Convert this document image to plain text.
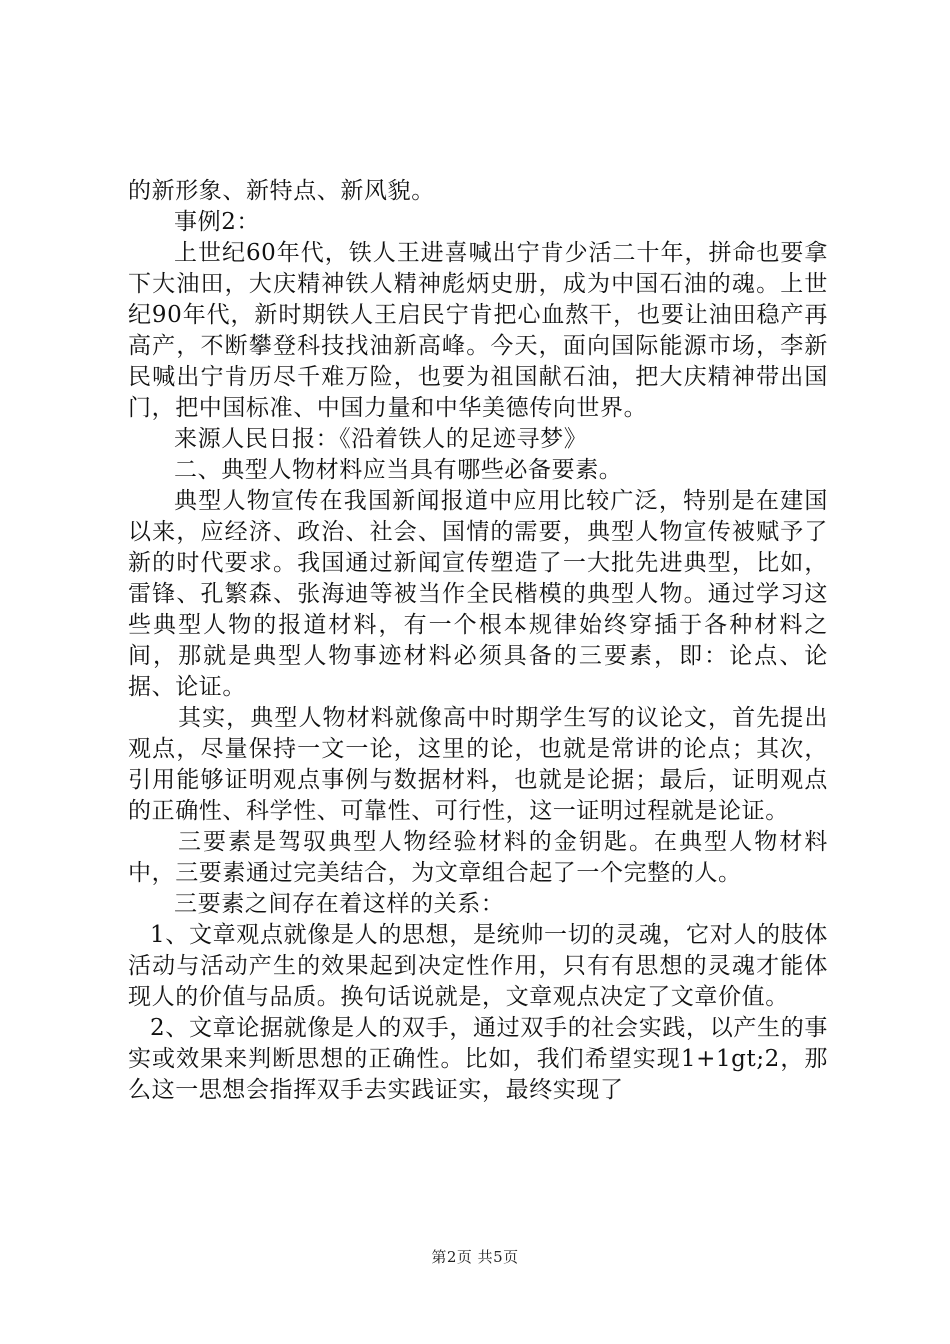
的新形象、新特点、新风貌。

事例2：

上世纪60年代，铁人王进喜喊出宁肯少活二十年，拼命也要拿下大油田，大庆精神铁人精神彪炳史册，成为中国石油的魂。上世纪90年代，新时期铁人王启民宁肯把心血熬干，也要让油田稳产再高产，不断攀登科技找油新高峰。今天，面向国际能源市场，李新民喊出宁肯历尽千难万险，也要为祖国献石油，把大庆精神带出国门，把中国标准、中国力量和中华美德传向世界。

来源人民日报：《沿着铁人的足迹寻梦》

二、典型人物材料应当具有哪些必备要素。

典型人物宣传在我国新闻报道中应用比较广泛，特别是在建国以来，应经济、政治、社会、国情的需要，典型人物宣传被赋予了新的时代要求。我国通过新闻宣传塑造了一大批先进典型，比如，雷锋、孔繁森、张海迪等被当作全民楷模的典型人物。通过学习这些典型人物的报道材料，有一个根本规律始终穿插于各种材料之间，那就是典型人物事迹材料必须具备的三要素，即：论点、论据、论证。

其实，典型人物材料就像高中时期学生写的议论文，首先提出观点，尽量保持一文一论，这里的论，也就是常讲的论点；其次，引用能够证明观点事例与数据材料，也就是论据；最后，证明观点的正确性、科学性、可靠性、可行性，这一证明过程就是论证。

三要素是驾驭典型人物经验材料的金钥匙。在典型人物材料中，三要素通过完美结合，为文章组合起了一个完整的人。

三要素之间存在着这样的关系：

1、文章观点就像是人的思想，是统帅一切的灵魂，它对人的肢体活动与活动产生的效果起到决定性作用，只有有思想的灵魂才能体现人的价值与品质。换句话说就是，文章观点决定了文章价值。

2、文章论据就像是人的双手，通过双手的社会实践，以产生的事实或效果来判断思想的正确性。比如，我们希望实现1+1gt;2，那么这一思想会指挥双手去实践证实，最终实现了

第2页 共5页
